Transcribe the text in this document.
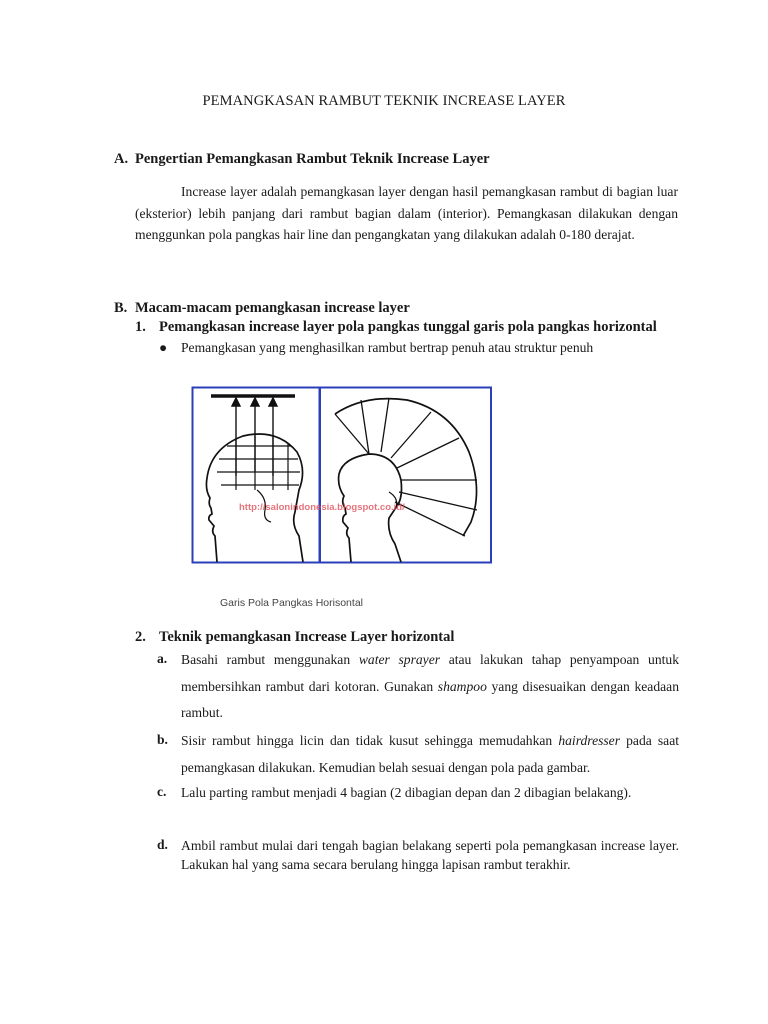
PEMANGKASAN RAMBUT TEKNIK INCREASE LAYER
A. Pengertian Pemangkasan Rambut Teknik Increase Layer
Increase layer adalah pemangkasan layer dengan hasil pemangkasan rambut di bagian luar (eksterior) lebih panjang dari rambut bagian dalam (interior). Pemangkasan dilakukan dengan menggunkan pola pangkas hair line dan pengangkatan yang dilakukan adalah 0-180 derajat.
B. Macam-macam pemangkasan increase layer
1. Pemangkasan increase layer pola pangkas tunggal garis pola pangkas horizontal
● Pemangkasan yang menghasilkan rambut bertrap penuh atau struktur penuh
http://salonindonesia.blogspot.co.id/
Garis Pola Pangkas Horisontal
2. Teknik pemangkasan Increase Layer horizontal
a. Basahi rambut menggunakan water sprayer atau lakukan tahap penyampoan untuk membersihkan rambut dari kotoran. Gunakan shampoo yang disesuaikan dengan keadaan rambut.
b. Sisir rambut hingga licin dan tidak kusut sehingga memudahkan hairdresser pada saat pemangkasan dilakukan. Kemudian belah sesuai dengan pola pada gambar.
c. Lalu parting rambut menjadi 4 bagian (2 dibagian depan dan 2 dibagian belakang).
d. Ambil rambut mulai dari tengah bagian belakang seperti pola pemangkasan increase layer. Lakukan hal yang sama secara berulang hingga lapisan rambut terakhir.
